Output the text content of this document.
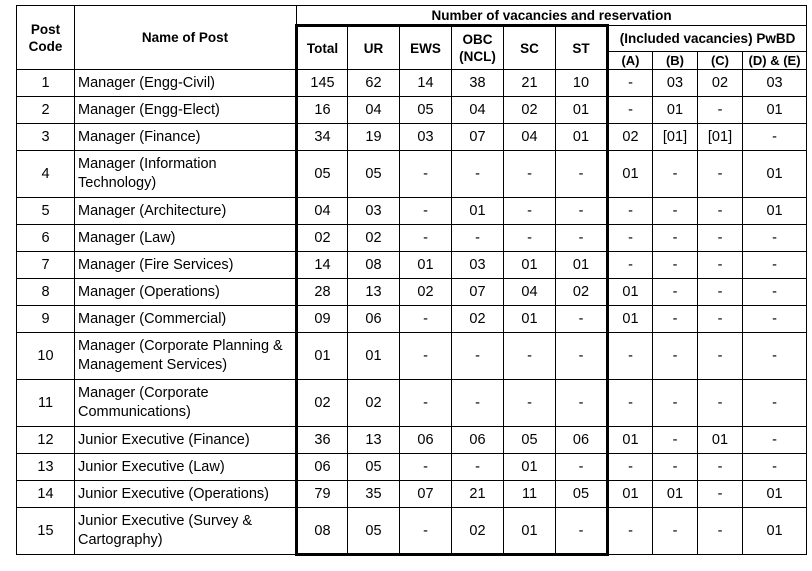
Post Code	Name of Post	Number of vacancies and reservation									
		Total	UR	EWS	OBC (NCL)	SC	ST	(Included vacancies) PwBD			
								(A)	(B)	(C)	(D) & (E)
1	Manager (Engg-Civil)	145	62	14	38	21	10	-	03	02	03
2	Manager (Engg-Elect)	16	04	05	04	02	01	-	01	-	01
3	Manager (Finance)	34	19	03	07	04	01	02	[01]	[01]	-
4	Manager (Information Technology)	05	05	-	-	-	-	01	-	-	01
5	Manager (Architecture)	04	03	-	01	-	-	-	-	-	01
6	Manager (Law)	02	02	-	-	-	-	-	-	-	-
7	Manager (Fire Services)	14	08	01	03	01	01	-	-	-	-
8	Manager (Operations)	28	13	02	07	04	02	01	-	-	-
9	Manager (Commercial)	09	06	-	02	01	-	01	-	-	-
10	Manager (Corporate Planning & Management Services)	01	01	-	-	-	-	-	-	-	-
11	Manager (Corporate Communications)	02	02	-	-	-	-	-	-	-	-
12	Junior Executive (Finance)	36	13	06	06	05	06	01	-	01	-
13	Junior Executive (Law)	06	05	-	-	01	-	-	-	-	-
14	Junior Executive (Operations)	79	35	07	21	11	05	01	01	-	01
15	Junior Executive (Survey & Cartography)	08	05	-	02	01	-	-	-	-	01
